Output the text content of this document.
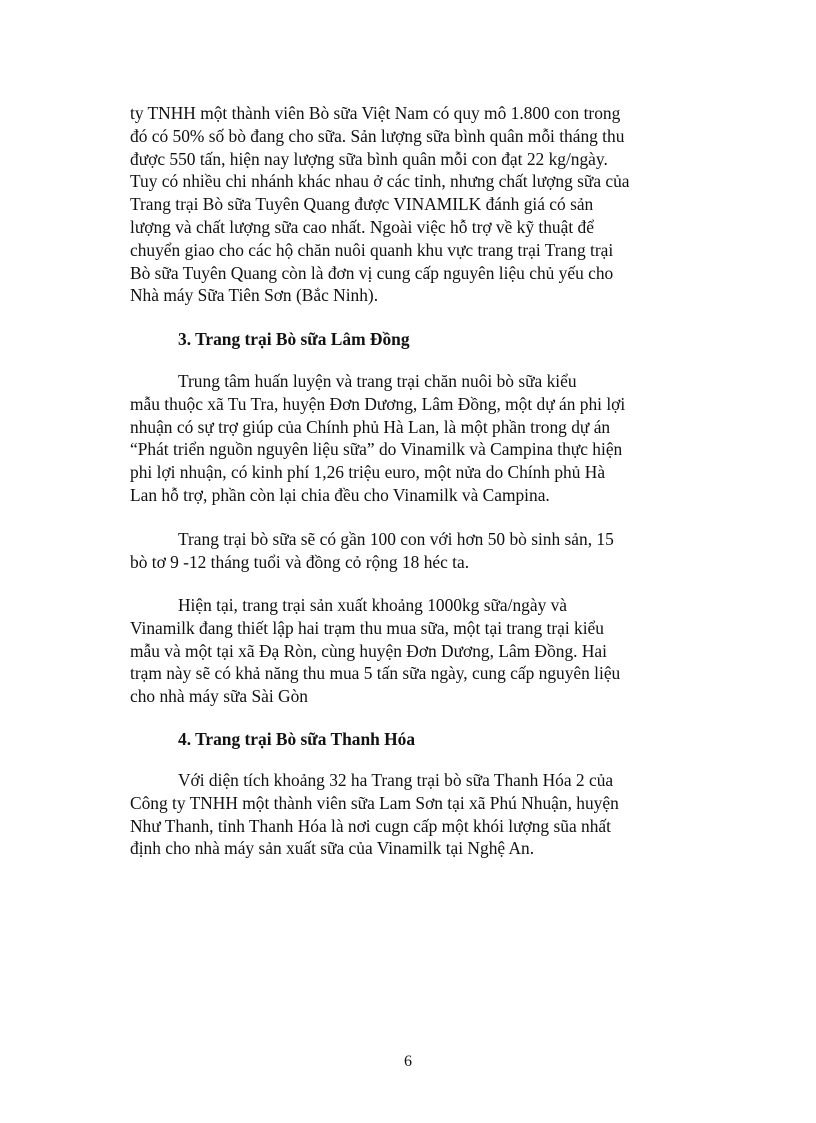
ty TNHH một thành viên Bò sữa Việt Nam có quy mô 1.800 con trong
đó có 50% số bò đang cho sữa. Sản lượng sữa bình quân mỗi tháng thu
được 550 tấn, hiện nay lượng sữa bình quân mỗi con đạt 22 kg/ngày.
Tuy có nhiều chi nhánh khác nhau ở các tỉnh, nhưng chất lượng sữa của
Trang trại Bò sữa Tuyên Quang được VINAMILK đánh giá có sản
lượng và chất lượng sữa cao nhất. Ngoài việc hỗ trợ về kỹ thuật để
chuyển giao cho các hộ chăn nuôi quanh khu vực trang trại Trang trại
Bò sữa Tuyên Quang còn là đơn vị cung cấp nguyên liệu chủ yếu cho
Nhà máy Sữa Tiên Sơn (Bắc Ninh).

3. Trang trại Bò sữa Lâm Đồng

Trung tâm huấn luyện và trang trại chăn nuôi bò sữa kiểu
mẫu thuộc xã Tu Tra, huyện Đơn Dương, Lâm Đồng, một dự án phi lợi
nhuận có sự trợ giúp của Chính phủ Hà Lan, là một phần trong dự án
“Phát triển nguồn nguyên liệu sữa” do Vinamilk và Campina thực hiện
phi lợi nhuận, có kinh phí 1,26 triệu euro, một nửa do Chính phủ Hà
Lan hỗ trợ, phần còn lại chia đều cho Vinamilk và Campina.

Trang trại bò sữa sẽ có gần 100 con với hơn 50 bò sinh sản, 15
bò tơ 9 -12 tháng tuổi và đồng cỏ rộng 18 héc ta.

Hiện tại, trang trại sản xuất khoảng 1000kg sữa/ngày và
Vinamilk đang thiết lập hai trạm thu mua sữa, một tại trang trại kiểu
mẫu và một tại xã Đạ Ròn, cùng huyện Đơn Dương, Lâm Đồng. Hai
trạm này sẽ có khả năng thu mua 5 tấn sữa ngày, cung cấp nguyên liệu
cho nhà máy sữa Sài Gòn

4. Trang trại Bò sữa Thanh Hóa

Với diện tích khoảng 32 ha Trang trại bò sữa Thanh Hóa 2 của
Công ty TNHH một thành viên sữa Lam Sơn tại xã Phú Nhuận, huyện
Như Thanh, tỉnh Thanh Hóa là nơi cugn cấp một khói lượng sũa nhất
định cho nhà máy sản xuất sữa của Vinamilk tại Nghệ An.

6
